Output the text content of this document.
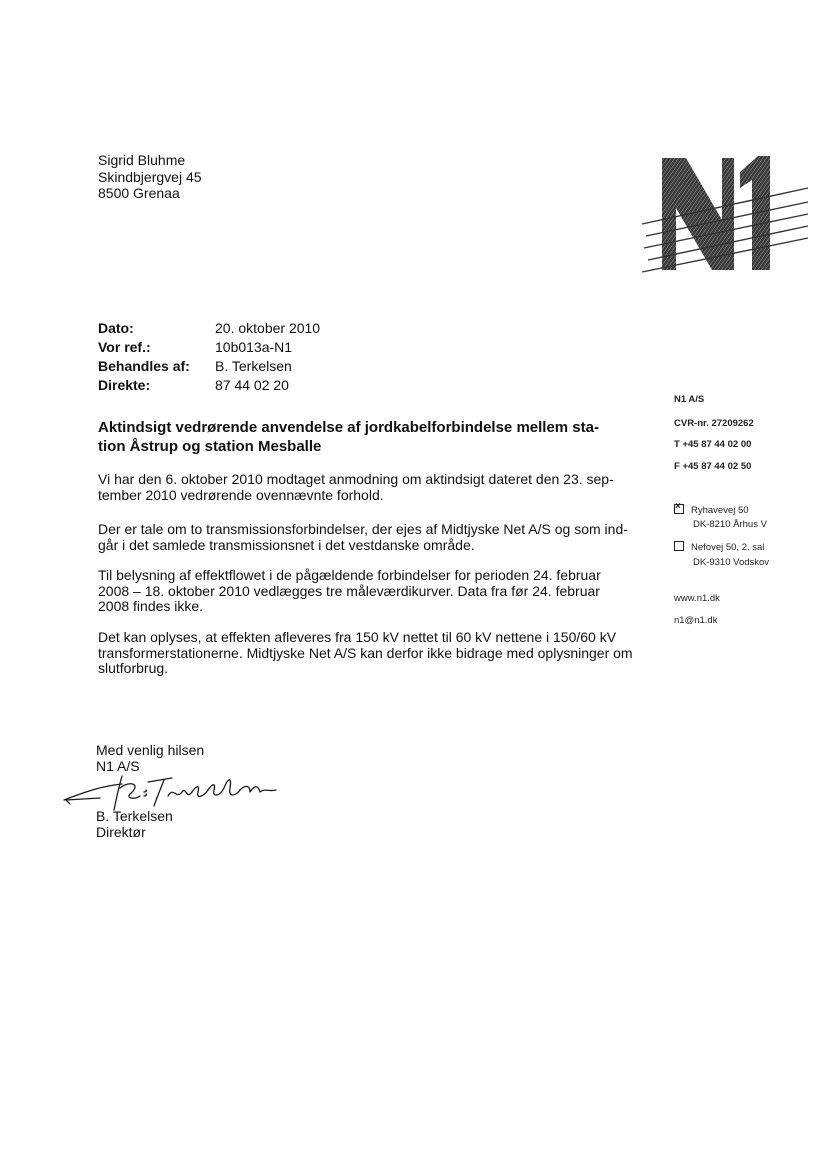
Sigrid Bluhme
Skindbjergvej 45
8500 Grenaa
Dato:	20. oktober 2010
Vor ref.:	10b013a-N1
Behandles af:	B. Terkelsen
Direkte:	87 44 02 20
Aktindsigt vedrørende anvendelse af jordkabelforbindelse mellem sta-
tion Åstrup og station Mesballe
Vi har den 6. oktober 2010 modtaget anmodning om aktindsigt dateret den 23. sep-
tember 2010 vedrørende ovennævnte forhold.
Der er tale om to transmissionsforbindelser, der ejes af Midtjyske Net A/S og som ind-
går i det samlede transmissionsnet i det vestdanske område.
Til belysning af effektflowet i de pågældende forbindelser for perioden 24. februar
2008 – 18. oktober 2010 vedlægges tre måleværdikurver. Data fra før 24. februar
2008 findes ikke.
Det kan oplyses, at effekten afleveres fra 150 kV nettet til 60 kV nettene i 150/60 kV
transformerstationerne. Midtjyske Net A/S kan derfor ikke bidrage med oplysninger om
slutforbrug.
N1 A/S
CVR-nr. 27209262
T +45 87 44 02 00
F +45 87 44 02 50
×Ryhavevej 50
DK-8210 Århus V
Nefovej 50, 2. sal
DK-9310 Vodskov
www.n1.dk
n1@n1.dk
Med venlig hilsen
N1 A/S
B. Terkelsen
Direktør
